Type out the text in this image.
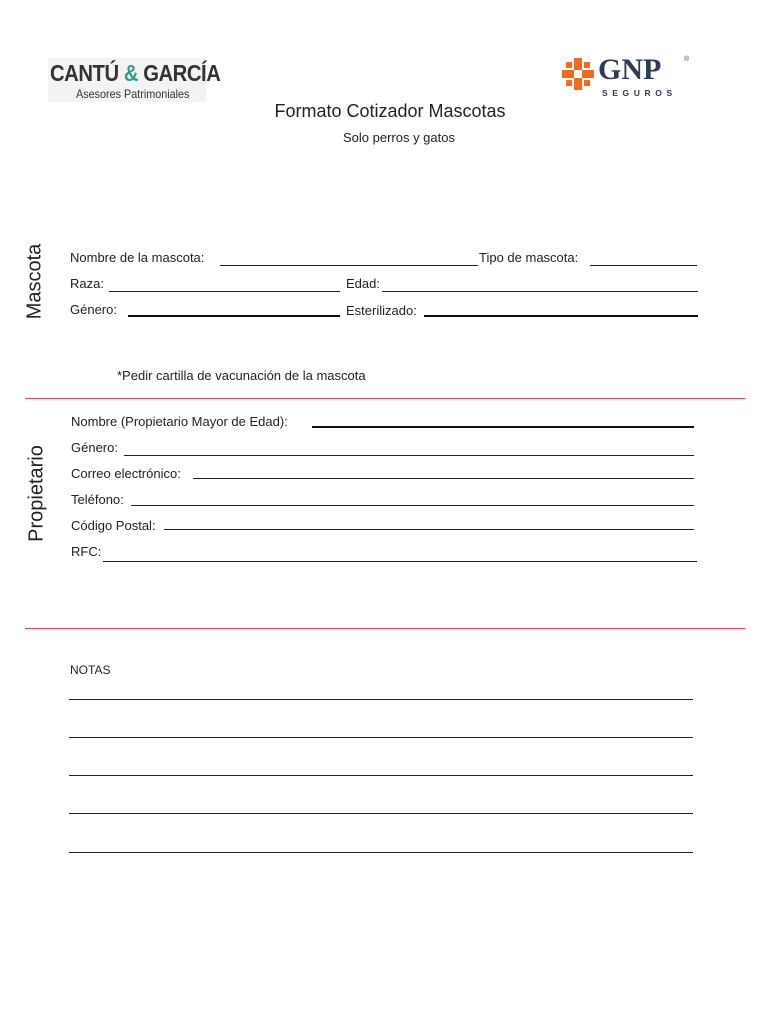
CANTÚ & GARCÍA
Asesores Patrimoniales
GNP	®
SEGUROS
Formato Cotizador Mascotas
Solo perros y gatos
Mascota Nombre de la mascota:	Tipo de mascota:
Raza:	Edad:
Género:	Esterilizado:
*Pedir cartilla de vacunación de la mascota
Propietario
Nombre (Propietario Mayor de Edad):
Género:
Correo electrónico:
Teléfono:
Código Postal:
RFC:
NOTAS
